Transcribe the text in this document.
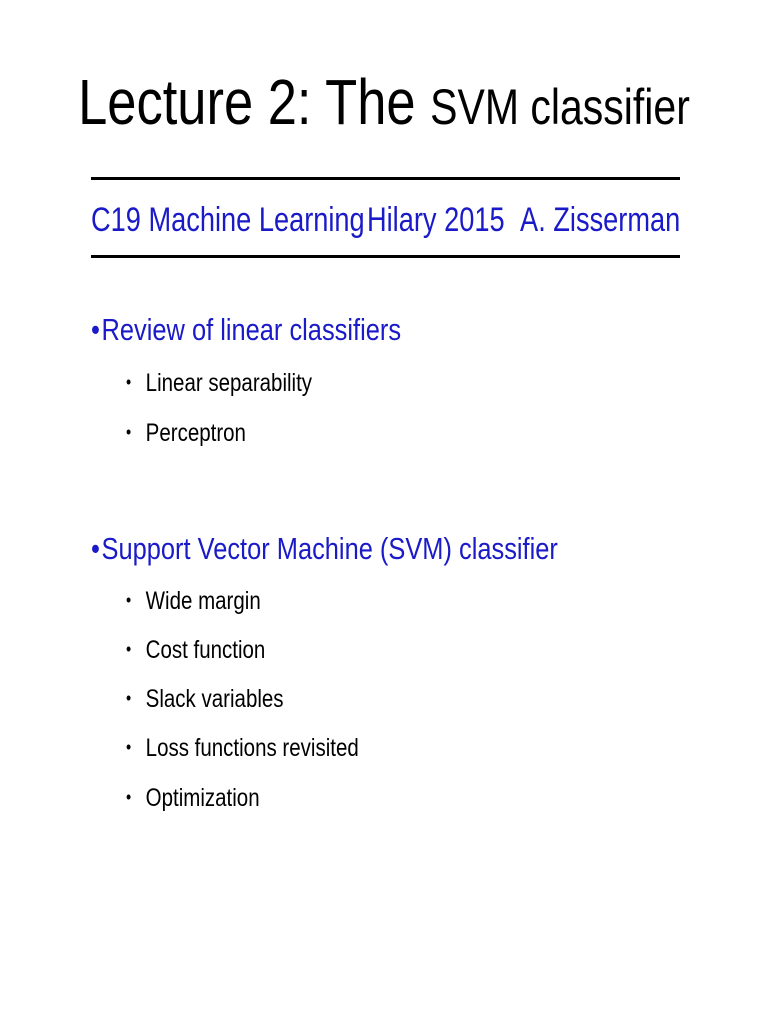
Lecture 2: The SVM classifier
C19 Machine Learning Hilary 2015 A. Zisserman
•Review of linear classifiers
• Linear separability
• Perceptron
•Support Vector Machine (SVM) classifier
• Wide margin
• Cost function
• Slack variables
• Loss functions revisited
• Optimization
